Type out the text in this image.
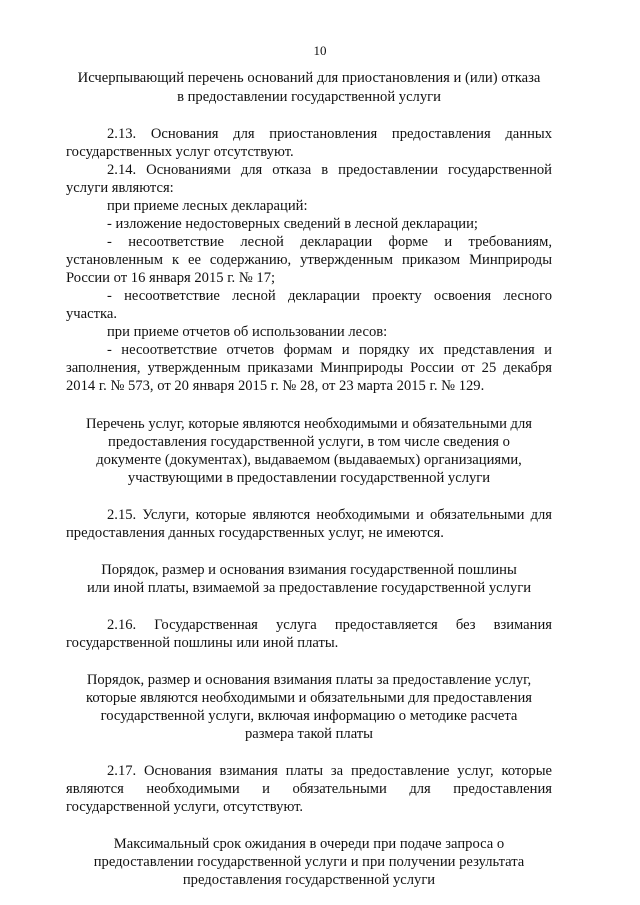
10
Исчерпывающий перечень оснований для приостановления и (или) отказа
в предоставлении государственной услуги
2.13. Основания для приостановления предоставления данных
государственных услуг отсутствуют.
2.14. Основаниями для отказа в предоставлении государственной
услуги являются:
при приеме лесных деклараций:
- изложение недостоверных сведений в лесной декларации;
- несоответствие лесной декларации форме и требованиям,
установленным к ее содержанию, утвержденным приказом Минприроды
России от 16 января 2015 г. № 17;
- несоответствие лесной декларации проекту освоения лесного
участка.
при приеме отчетов об использовании лесов:
- несоответствие отчетов формам и порядку их представления и
заполнения, утвержденным приказами Минприроды России от 25 декабря
2014 г. № 573, от 20 января 2015 г. № 28, от 23 марта 2015 г. № 129.
Перечень услуг, которые являются необходимыми и обязательными для
предоставления государственной услуги, в том числе сведения о
документе (документах), выдаваемом (выдаваемых) организациями,
участвующими в предоставлении государственной услуги
2.15. Услуги, которые являются необходимыми и обязательными для
предоставления данных государственных услуг, не имеются.
Порядок, размер и основания взимания государственной пошлины
или иной платы, взимаемой за предоставление государственной услуги
2.16. Государственная услуга предоставляется без взимания
государственной пошлины или иной платы.
Порядок, размер и основания взимания платы за предоставление услуг,
которые являются необходимыми и обязательными для предоставления
государственной услуги, включая информацию о методике расчета
размера такой платы
2.17. Основания взимания платы за предоставление услуг, которые
являются необходимыми и обязательными для предоставления
государственной услуги, отсутствуют.
Максимальный срок ожидания в очереди при подаче запроса о
предоставлении государственной услуги и при получении результата
предоставления государственной услуги
